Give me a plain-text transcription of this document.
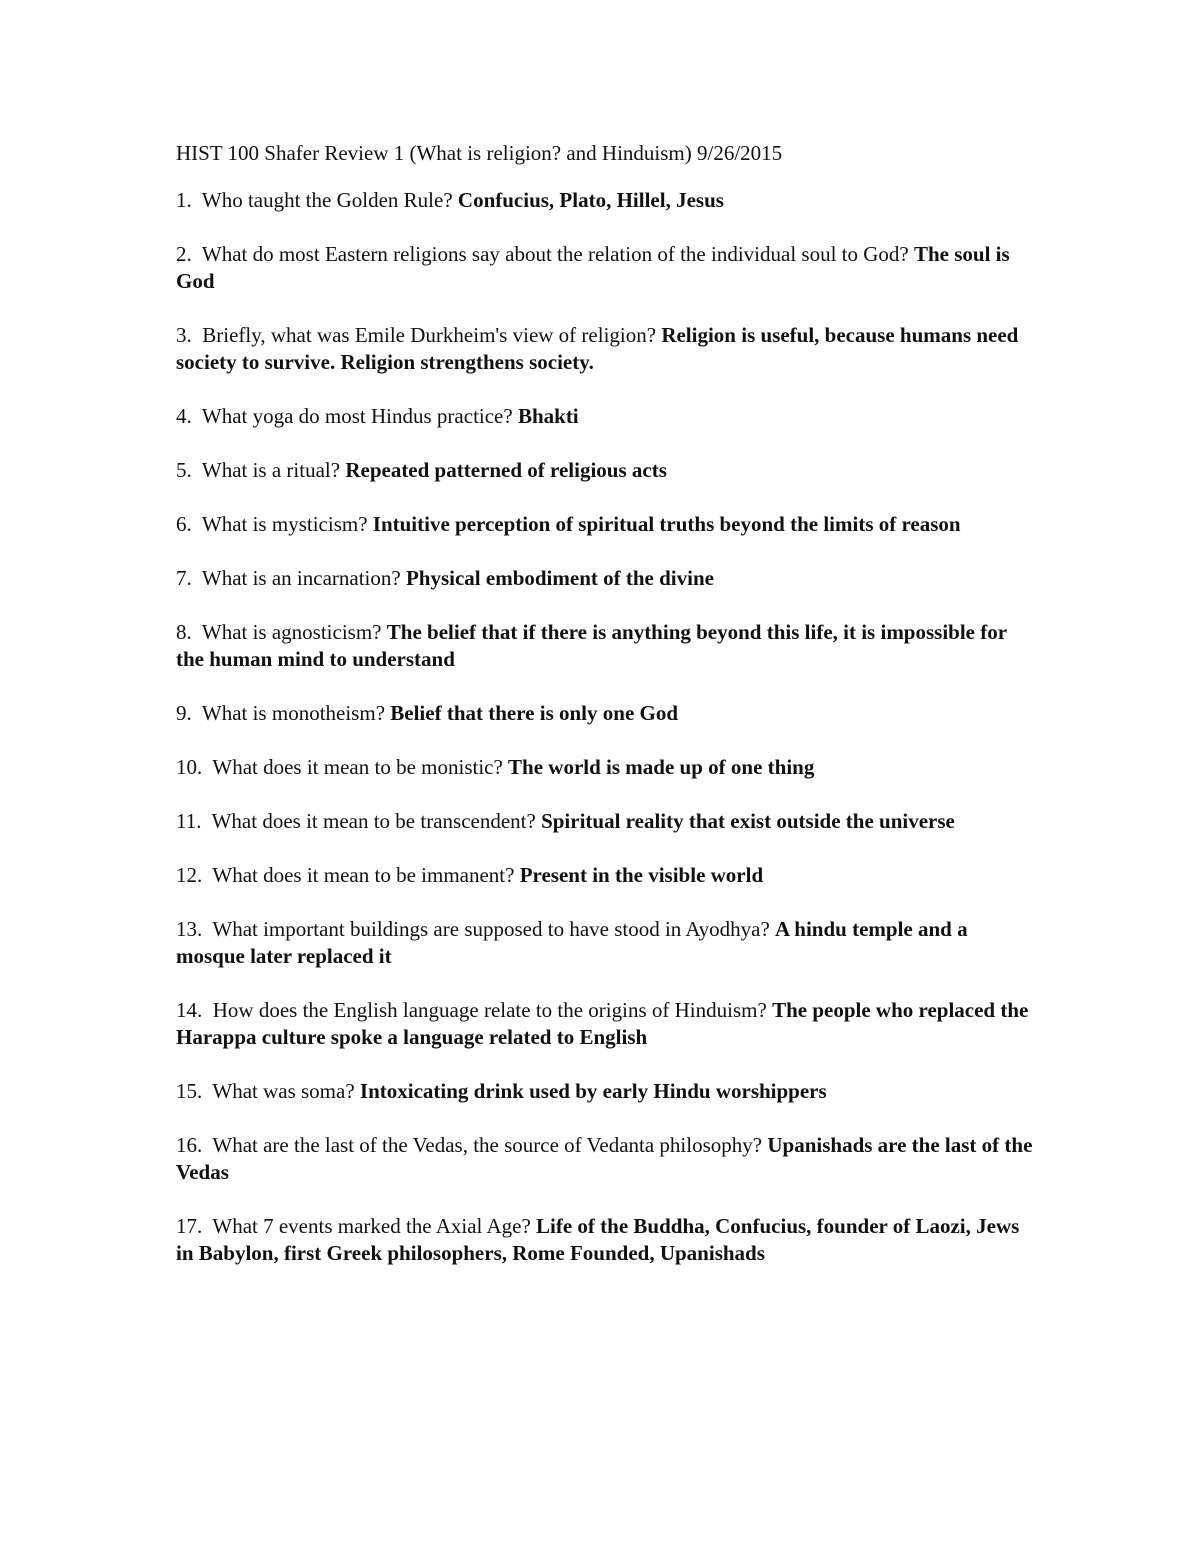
HIST 100 Shafer Review 1 (What is religion? and Hinduism) 9/26/2015
1. Who taught the Golden Rule? Confucius, Plato, Hillel, Jesus
2. What do most Eastern religions say about the relation of the individual soul to God? The soul is God
3. Briefly, what was Emile Durkheim's view of religion? Religion is useful, because humans need society to survive. Religion strengthens society.
4. What yoga do most Hindus practice? Bhakti
5. What is a ritual? Repeated patterned of religious acts
6. What is mysticism? Intuitive perception of spiritual truths beyond the limits of reason
7. What is an incarnation? Physical embodiment of the divine
8. What is agnosticism? The belief that if there is anything beyond this life, it is impossible for the human mind to understand
9. What is monotheism? Belief that there is only one God
10. What does it mean to be monistic? The world is made up of one thing
11. What does it mean to be transcendent? Spiritual reality that exist outside the universe
12. What does it mean to be immanent? Present in the visible world
13. What important buildings are supposed to have stood in Ayodhya? A hindu temple and a mosque later replaced it
14. How does the English language relate to the origins of Hinduism? The people who replaced the Harappa culture spoke a language related to English
15. What was soma? Intoxicating drink used by early Hindu worshippers
16. What are the last of the Vedas, the source of Vedanta philosophy? Upanishads are the last of the Vedas
17. What 7 events marked the Axial Age? Life of the Buddha, Confucius, founder of Laozi, Jews in Babylon, first Greek philosophers, Rome Founded, Upanishads
